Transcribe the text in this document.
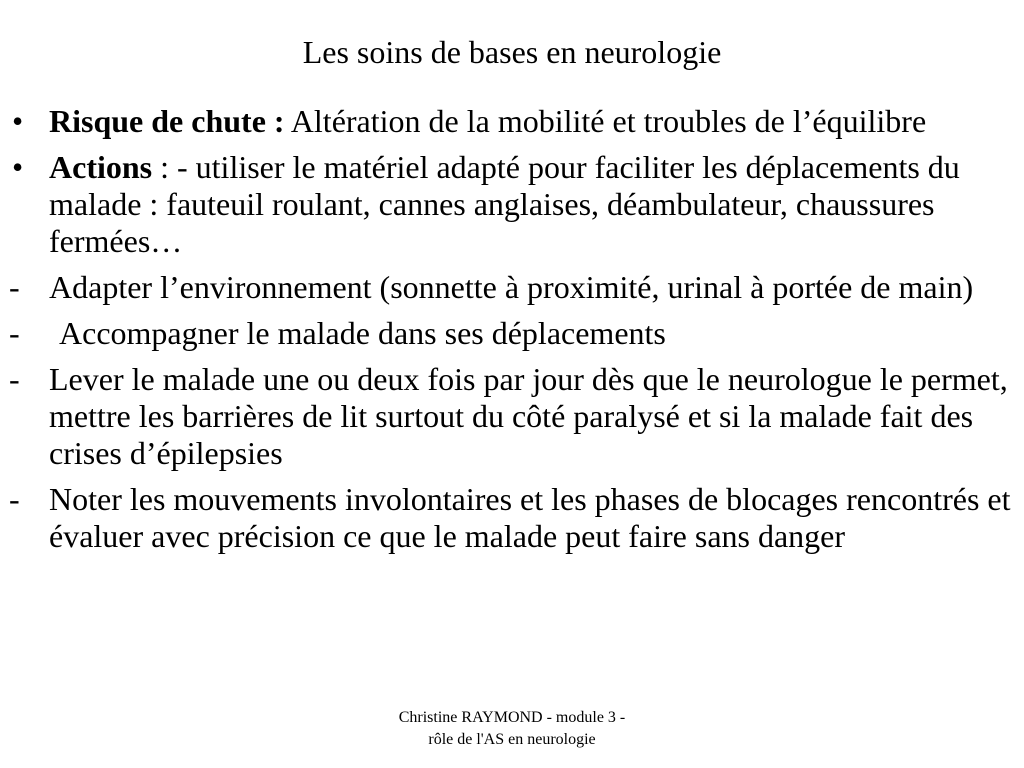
Les soins de bases en neurologie
• Risque de chute : Altération de la mobilité et troubles de l’équilibre
• Actions : - utiliser le matériel adapté pour faciliter les déplacements du malade : fauteuil roulant, cannes anglaises, déambulateur, chaussures fermées…
- Adapter l’environnement (sonnette à proximité, urinal à portée de main)
-	Accompagner le malade dans ses déplacements
- Lever le malade une ou deux fois par jour dès que le neurologue le permet, mettre les barrières de lit surtout du côté paralysé et si la malade fait des crises d’épilepsies
- Noter les mouvements involontaires et les phases de blocages rencontrés et évaluer avec précision ce que le malade peut faire sans danger
Christine RAYMOND - module 3 -
rôle de l'AS en neurologie
